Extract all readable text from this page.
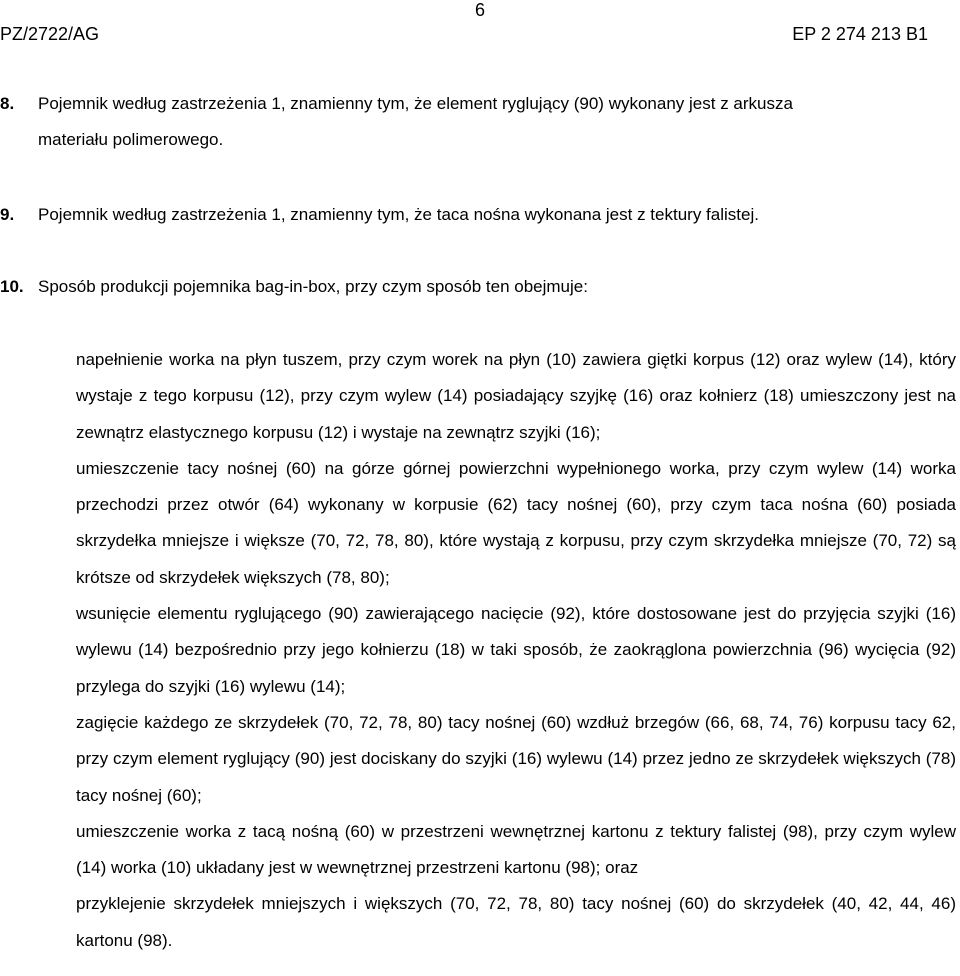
6
PZ/2722/AG	EP 2 274 213 B1
8. Pojemnik według zastrzeżenia 1, znamienny tym, że element ryglujący (90) wykonany jest z arkusza
materiału polimerowego.
9. Pojemnik według zastrzeżenia 1, znamienny tym, że taca nośna wykonana jest z tektury falistej.
10. Sposób produkcji pojemnika bag-in-box, przy czym sposób ten obejmuje:

napełnienie worka na płyn tuszem, przy czym worek na płyn (10) zawiera giętki korpus (12) oraz wylew (14), który wystaje z tego korpusu (12), przy czym wylew (14) posiadający szyjkę (16) oraz kołnierz (18) umieszczony jest na zewnątrz elastycznego korpusu (12) i wystaje na zewnątrz szyjki (16);

umieszczenie tacy nośnej (60) na górze górnej powierzchni wypełnionego worka, przy czym wylew (14) worka przechodzi przez otwór (64) wykonany w korpusie (62) tacy nośnej (60), przy czym taca nośna (60) posiada skrzydełka mniejsze i większe (70, 72, 78, 80), które wystają z korpusu, przy czym skrzydełka mniejsze (70, 72) są krótsze od skrzydełek większych (78, 80);

wsunięcie elementu ryglującego (90) zawierającego nacięcie (92), które dostosowane jest do przyjęcia szyjki (16) wylewu (14) bezpośrednio przy jego kołnierzu (18) w taki sposób, że zaokrąglona powierzchnia (96) wycięcia (92) przylega do szyjki (16) wylewu (14);

zagięcie każdego ze skrzydełek (70, 72, 78, 80) tacy nośnej (60) wzdłuż brzegów (66, 68, 74, 76) korpusu tacy 62, przy czym element ryglujący (90) jest dociskany do szyjki (16) wylewu (14) przez jedno ze skrzydełek większych (78) tacy nośnej (60);

umieszczenie worka z tacą nośną (60) w przestrzeni wewnętrznej kartonu z tektury falistej (98), przy czym wylew (14) worka (10) układany jest w wewnętrznej przestrzeni kartonu (98); oraz

przyklejenie skrzydełek mniejszych i większych (70, 72, 78, 80) tacy nośnej (60) do skrzydełek (40, 42, 44, 46) kartonu (98).
